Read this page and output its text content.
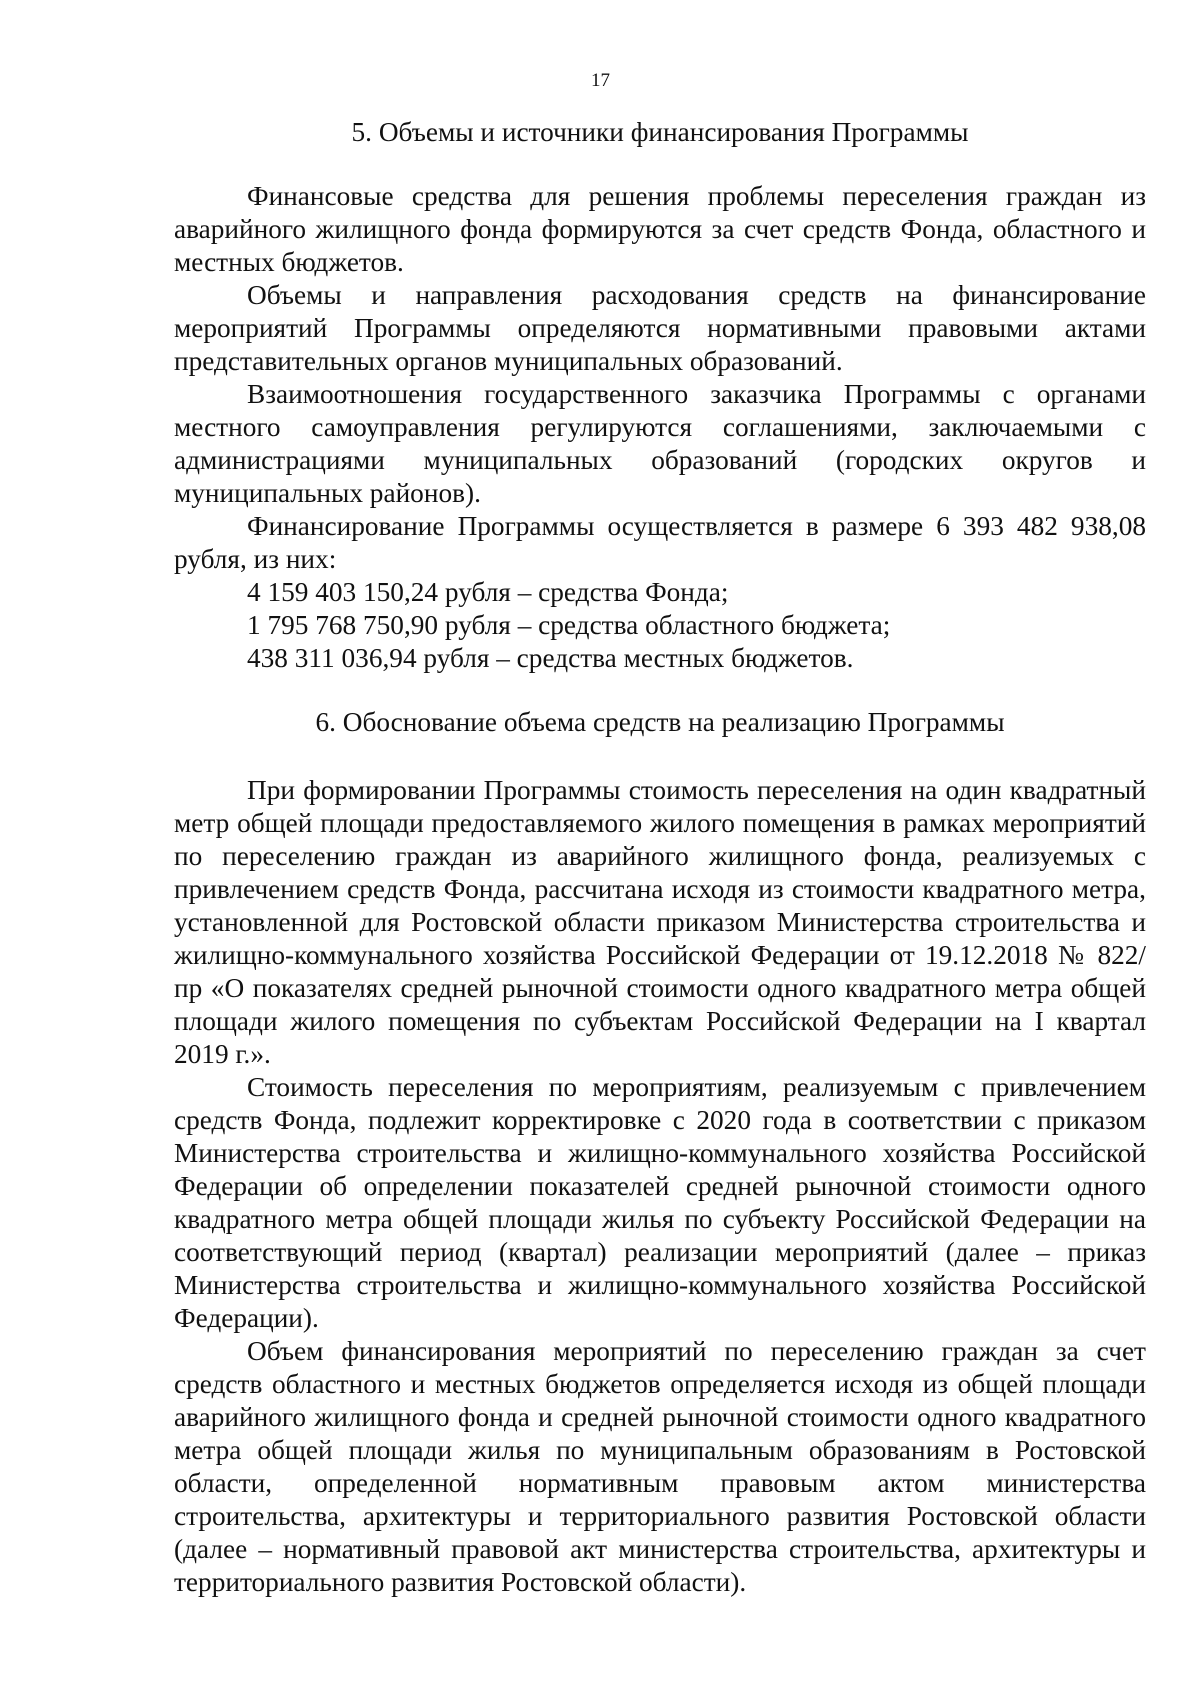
17
5. Объемы и источники финансирования Программы

Финансовые средства для решения проблемы переселения граждан из аварийного жилищного фонда формируются за счет средств Фонда, областного и местных бюджетов.

Объемы и направления расходования средств на финансирование мероприятий Программы определяются нормативными правовыми актами представительных органов муниципальных образований.

Взаимоотношения государственного заказчика Программы с органами местного самоуправления регулируются соглашениями, заключаемыми с администрациями муниципальных образований (городских округов и муниципальных районов).

Финансирование Программы осуществляется в размере 6 393 482 938,08 рубля, из них:

4 159 403 150,24 рубля – средства Фонда;

1 795 768 750,90 рубля – средства областного бюджета;

438 311 036,94 рубля – средства местных бюджетов.

6. Обоснование объема средств на реализацию Программы

При формировании Программы стоимость переселения на один квадратный метр общей площади предоставляемого жилого помещения в рамках мероприятий по переселению граждан из аварийного жилищного фонда, реализуемых с привлечением средств Фонда, рассчитана исходя из стоимости квадратного метра, установленной для Ростовской области приказом Министерства строительства и жилищно-коммунального хозяйства Российской Федерации от 19.12.2018 № 822/пр «О показателях средней рыночной стоимости одного квадратного метра общей площади жилого помещения по субъектам Российской Федерации на I квартал 2019 г.».

Стоимость переселения по мероприятиям, реализуемым с привлечением средств Фонда, подлежит корректировке с 2020 года в соответствии с приказом Министерства строительства и жилищно-коммунального хозяйства Российской Федерации об определении показателей средней рыночной стоимости одного квадратного метра общей площади жилья по субъекту Российской Федерации на соответствующий период (квартал) реализации мероприятий (далее – приказ Министерства строительства и жилищно-коммунального хозяйства Российской Федерации).

Объем финансирования мероприятий по переселению граждан за счет средств областного и местных бюджетов определяется исходя из общей площади аварийного жилищного фонда и средней рыночной стоимости одного квадратного метра общей площади жилья по муниципальным образованиям в Ростовской области, определенной нормативным правовым актом министерства строительства, архитектуры и территориального развития Ростовской области (далее – нормативный правовой акт министерства строительства, архитектуры и территориального развития Ростовской области).
